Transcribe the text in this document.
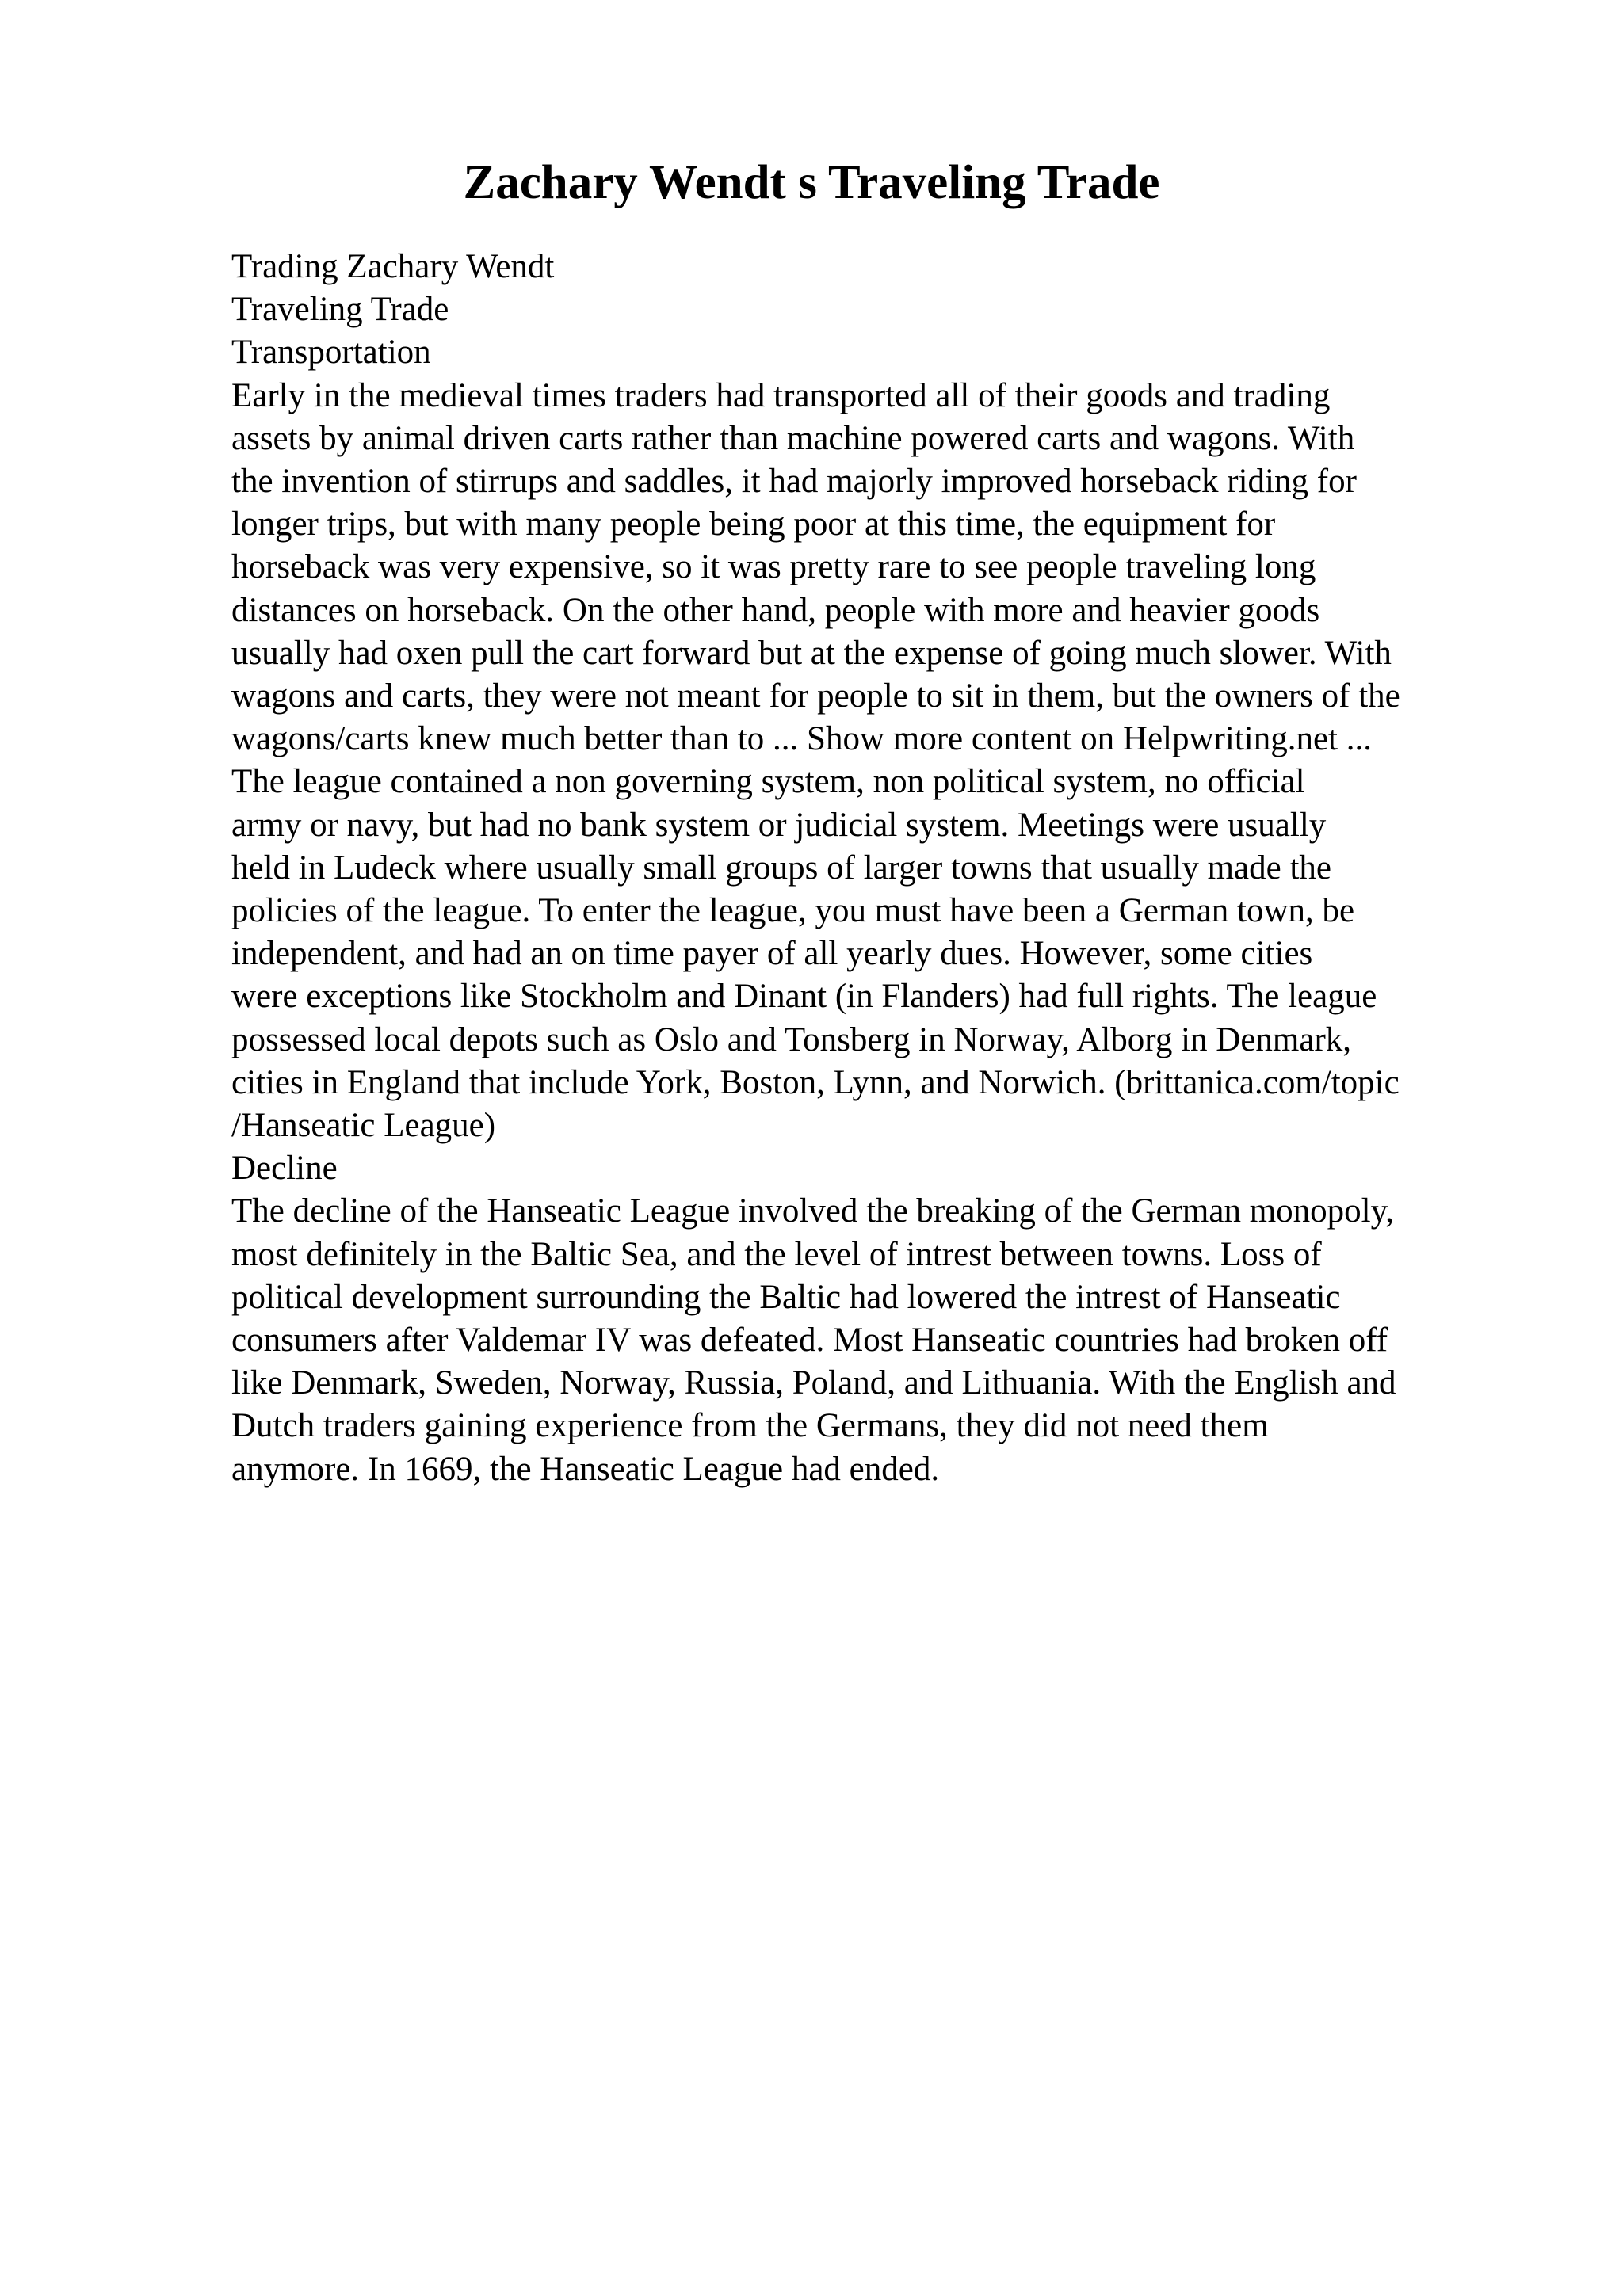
Zachary Wendt s Traveling Trade
Trading Zachary Wendt
Traveling Trade
Transportation
Early in the medieval times traders had transported all of their goods and trading
assets by animal driven carts rather than machine powered carts and wagons. With
the invention of stirrups and saddles, it had majorly improved horseback riding for
longer trips, but with many people being poor at this time, the equipment for
horseback was very expensive, so it was pretty rare to see people traveling long
distances on horseback. On the other hand, people with more and heavier goods
usually had oxen pull the cart forward but at the expense of going much slower. With
wagons and carts, they were not meant for people to sit in them, but the owners of the
wagons/carts knew much better than to ... Show more content on Helpwriting.net ...
The league contained a non governing system, non political system, no official
army or navy, but had no bank system or judicial system. Meetings were usually
held in Ludeck where usually small groups of larger towns that usually made the
policies of the league. To enter the league, you must have been a German town, be
independent, and had an on time payer of all yearly dues. However, some cities
were exceptions like Stockholm and Dinant (in Flanders) had full rights. The league
possessed local depots such as Oslo and Tonsberg in Norway, Alborg in Denmark,
cities in England that include York, Boston, Lynn, and Norwich. (brittanica.com/topic
/Hanseatic League)
Decline
The decline of the Hanseatic League involved the breaking of the German monopoly,
most definitely in the Baltic Sea, and the level of intrest between towns. Loss of
political development surrounding the Baltic had lowered the intrest of Hanseatic
consumers after Valdemar IV was defeated. Most Hanseatic countries had broken off
like Denmark, Sweden, Norway, Russia, Poland, and Lithuania. With the English and
Dutch traders gaining experience from the Germans, they did not need them
anymore. In 1669, the Hanseatic League had ended.
